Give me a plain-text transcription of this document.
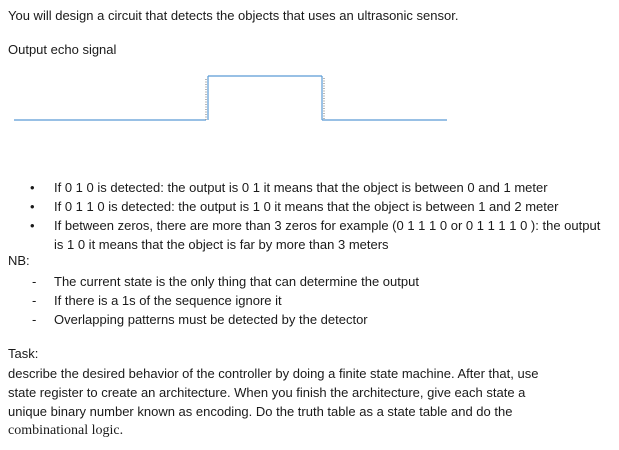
You will design a circuit that detects the objects that uses an ultrasonic sensor.
Output echo signal
• If 0 1 0 is detected: the output is 0 1 it means that the object is between 0 and 1 meter
• If 0 1 1 0 is detected: the output is 1 0 it means that the object is between 1 and 2 meter
• If between zeros, there are more than 3 zeros for example (0 1 1 1 0 or 0 1 1 1 1 0 ): the output is 1 0 it means that the object is far by more than 3 meters
NB:
- The current state is the only thing that can determine the output
- If there is a 1s of the sequence ignore it
- Overlapping patterns must be detected by the detector
Task:
describe the desired behavior of the controller by doing a finite state machine. After that, use
state register to create an architecture. When you finish the architecture, give each state a
unique binary number known as encoding. Do the truth table as a state table and do the
combinational logic.
